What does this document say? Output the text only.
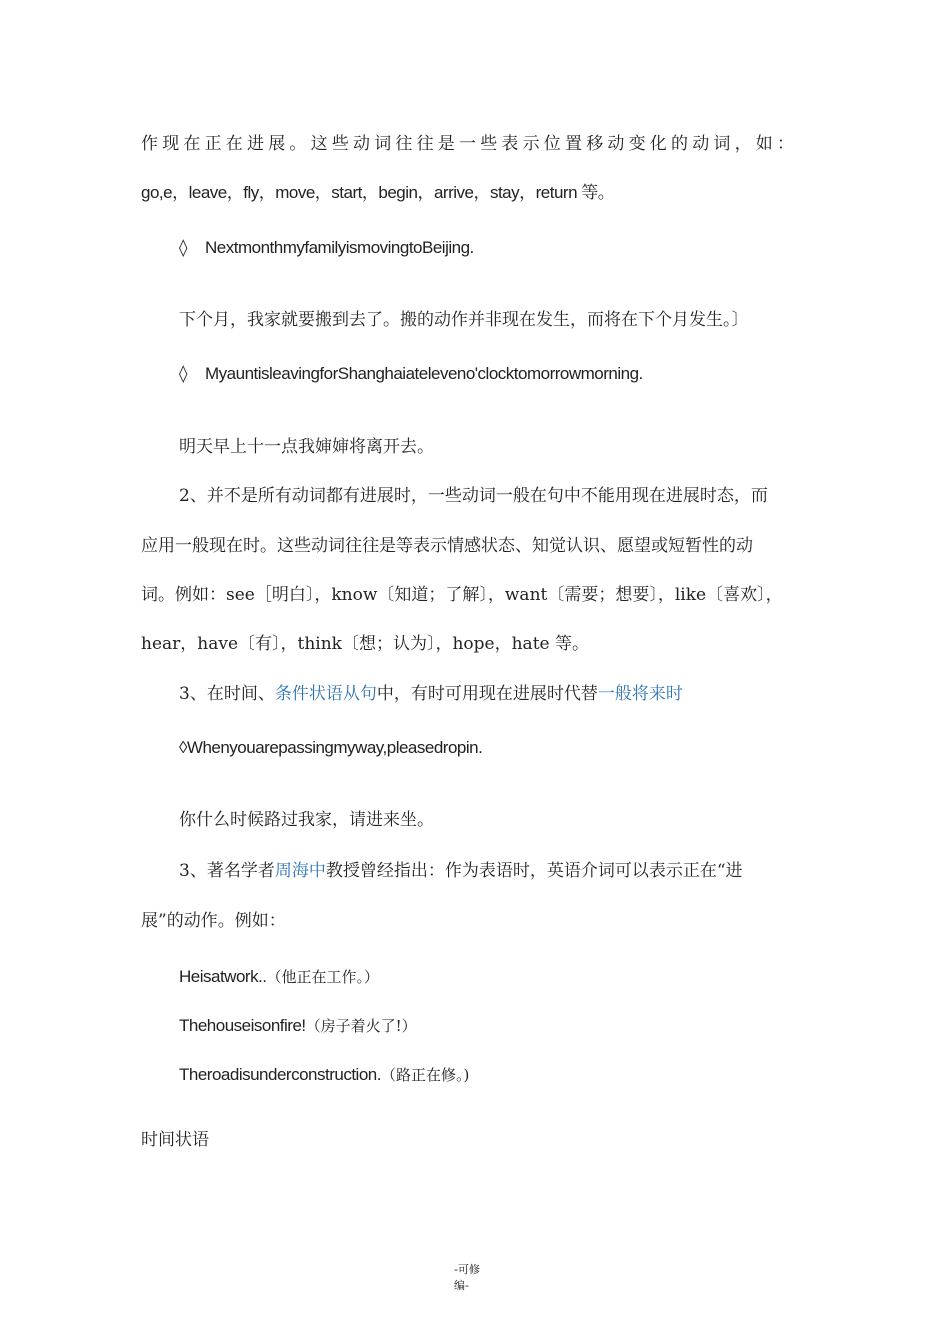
作现在正在进展。这些动词往往是一些表示位置移动变化的动词，如：
go,e，leave，fly，move，start，begin，arrive，stay，return 等。
◊ NextmonthmyfamilyismovingtoBeijing.
下个月，我家就要搬到去了。搬的动作并非现在发生，而将在下个月发生。〕
◊ MyauntisleavingforShanghaiateleveno'clocktomorrowmorning.
明天早上十一点我婶婶将离开去。
2、并不是所有动词都有进展时，一些动词一般在句中不能用现在进展时态，而
应用一般现在时。这些动词往往是等表示情感状态、知觉认识、愿望或短暂性的动
词。例如：see［明白〕，know〔知道；了解〕，want〔需要；想要〕，like〔喜欢〕，
hear，have〔有〕，think〔想；认为〕，hope，hate 等。
3、在时间、条件状语从句中，有时可用现在进展时代替一般将来时
◊Whenyouarepassingmyway,pleasedropin.
你什么时候路过我家，请进来坐。
3、著名学者周海中教授曾经指出：作为表语时，英语介词可以表示正在“进
展”的动作。例如：
Heisatwork..（他正在工作。）
Thehouseisonfire!（房子着火了!）
Theroadisunderconstruction.（路正在修。)
时间状语
-可修
编-
